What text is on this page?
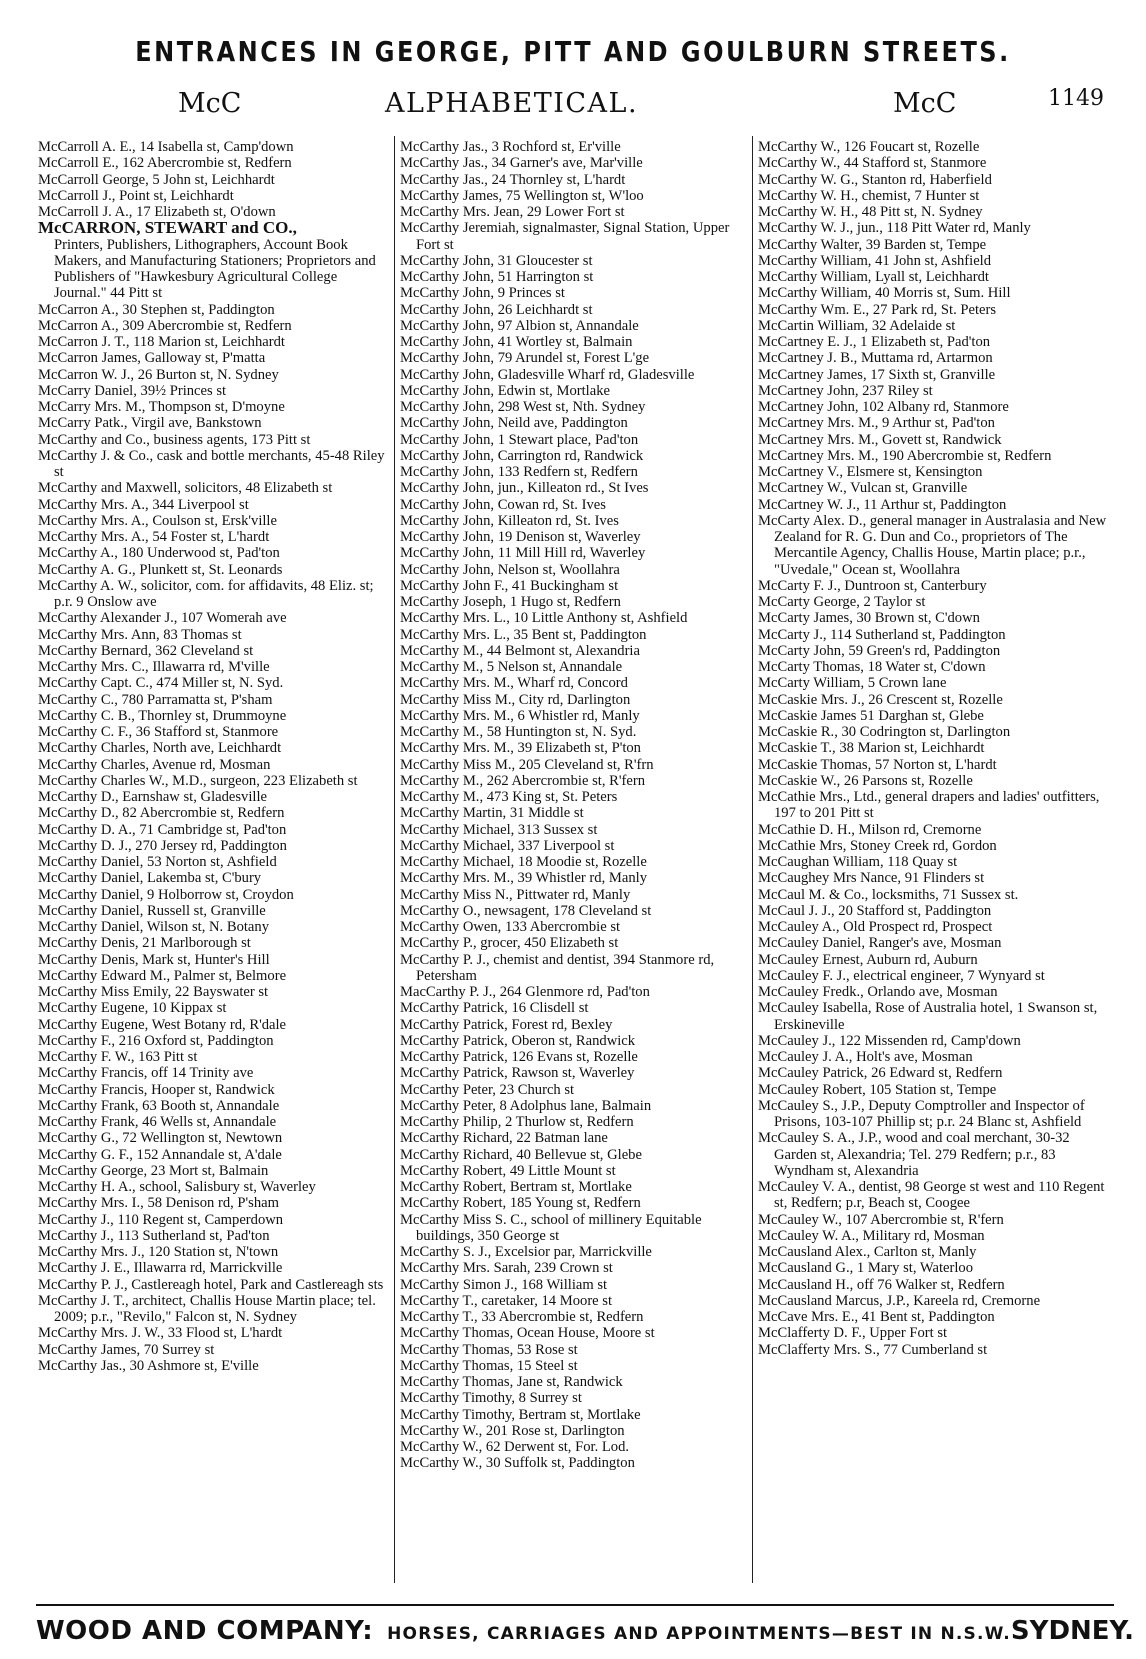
ENTRANCES IN GEORGE, PITT AND GOULBURN STREETS.
McC	ALPHABETICAL.	McC	1149
McCarroll A. E., 14 Isabella st, Camp'down
McCarroll E., 162 Abercrombie st, Redfern
McCarroll George, 5 John st, Leichhardt
McCarroll J., Point st, Leichhardt
McCarroll J. A., 17 Elizabeth st, O'down
McCARRON, STEWART and CO.,
Printers, Publishers, Lithographers, Account Book Makers, and Manufacturing Stationers; Proprietors and Publishers of "Hawkesbury Agricultural College Journal." 44 Pitt st
McCarron A., 30 Stephen st, Paddington
McCarron A., 309 Abercrombie st, Redfern
McCarron J. T., 118 Marion st, Leichhardt
McCarron James, Galloway st, P'matta
McCarron W. J., 26 Burton st, N. Sydney
McCarry Daniel, 39½ Princes st
McCarry Mrs. M., Thompson st, D'moyne
McCarry Patk., Virgil ave, Bankstown
McCarthy and Co., business agents, 173 Pitt st
McCarthy J. & Co., cask and bottle merchants, 45-48 Riley st
McCarthy and Maxwell, solicitors, 48 Elizabeth st
McCarthy Mrs. A., 344 Liverpool st
McCarthy Mrs. A., Coulson st, Ersk'ville
McCarthy Mrs. A., 54 Foster st, L'hardt
McCarthy A., 180 Underwood st, Pad'ton
McCarthy A. G., Plunkett st, St. Leonards
McCarthy A. W., solicitor, com. for affidavits, 48 Eliz. st; p.r. 9 Onslow ave
McCarthy Alexander J., 107 Womerah ave
McCarthy Mrs. Ann, 83 Thomas st
McCarthy Bernard, 362 Cleveland st
McCarthy Mrs. C., Illawarra rd, M'ville
McCarthy Capt. C., 474 Miller st, N. Syd.
McCarthy C., 780 Parramatta st, P'sham
McCarthy C. B., Thornley st, Drummoyne
McCarthy C. F., 36 Stafford st, Stanmore
McCarthy Charles, North ave, Leichhardt
McCarthy Charles, Avenue rd, Mosman
McCarthy Charles W., M.D., surgeon, 223 Elizabeth st
McCarthy D., Earnshaw st, Gladesville
McCarthy D., 82 Abercrombie st, Redfern
McCarthy D. A., 71 Cambridge st, Pad'ton
McCarthy D. J., 270 Jersey rd, Paddington
McCarthy Daniel, 53 Norton st, Ashfield
McCarthy Daniel, Lakemba st, C'bury
McCarthy Daniel, 9 Holborrow st, Croydon
McCarthy Daniel, Russell st, Granville
McCarthy Daniel, Wilson st, N. Botany
McCarthy Denis, 21 Marlborough st
McCarthy Denis, Mark st, Hunter's Hill
McCarthy Edward M., Palmer st, Belmore
McCarthy Miss Emily, 22 Bayswater st
McCarthy Eugene, 10 Kippax st
McCarthy Eugene, West Botany rd, R'dale
McCarthy F., 216 Oxford st, Paddington
McCarthy F. W., 163 Pitt st
McCarthy Francis, off 14 Trinity ave
McCarthy Francis, Hooper st, Randwick
McCarthy Frank, 63 Booth st, Annandale
McCarthy Frank, 46 Wells st, Annandale
McCarthy G., 72 Wellington st, Newtown
McCarthy G. F., 152 Annandale st, A'dale
McCarthy George, 23 Mort st, Balmain
McCarthy H. A., school, Salisbury st, Waverley
McCarthy Mrs. I., 58 Denison rd, P'sham
McCarthy J., 110 Regent st, Camperdown
McCarthy J., 113 Sutherland st, Pad'ton
McCarthy Mrs. J., 120 Station st, N'town
McCarthy J. E., Illawarra rd, Marrickville
McCarthy P. J., Castlereagh hotel, Park and Castlereagh sts
McCarthy J. T., architect, Challis House Martin place; tel. 2009; p.r., "Revilo," Falcon st, N. Sydney
McCarthy Mrs. J. W., 33 Flood st, L'hardt
McCarthy James, 70 Surrey st
McCarthy Jas., 30 Ashmore st, E'ville
McCarthy Jas., 3 Rochford st, Er'ville
McCarthy Jas., 34 Garner's ave, Mar'ville
McCarthy Jas., 24 Thornley st, L'hardt
McCarthy James, 75 Wellington st, W'loo
McCarthy Mrs. Jean, 29 Lower Fort st
McCarthy Jeremiah, signalmaster, Signal Station, Upper Fort st
McCarthy John, 31 Gloucester st
McCarthy John, 51 Harrington st
McCarthy John, 9 Princes st
McCarthy John, 26 Leichhardt st
McCarthy John, 97 Albion st, Annandale
McCarthy John, 41 Wortley st, Balmain
McCarthy John, 79 Arundel st, Forest L'ge
McCarthy John, Gladesville Wharf rd, Gladesville
McCarthy John, Edwin st, Mortlake
McCarthy John, 298 West st, Nth. Sydney
McCarthy John, Neild ave, Paddington
McCarthy John, 1 Stewart place, Pad'ton
McCarthy John, Carrington rd, Randwick
McCarthy John, 133 Redfern st, Redfern
McCarthy John, jun., Killeaton rd., St Ives
McCarthy John, Cowan rd, St. Ives
McCarthy John, Killeaton rd, St. Ives
McCarthy John, 19 Denison st, Waverley
McCarthy John, 11 Mill Hill rd, Waverley
McCarthy John, Nelson st, Woollahra
McCarthy John F., 41 Buckingham st
McCarthy Joseph, 1 Hugo st, Redfern
McCarthy Mrs. L., 10 Little Anthony st, Ashfield
McCarthy Mrs. L., 35 Bent st, Paddington
McCarthy M., 44 Belmont st, Alexandria
McCarthy M., 5 Nelson st, Annandale
McCarthy Mrs. M., Wharf rd, Concord
McCarthy Miss M., City rd, Darlington
McCarthy Mrs. M., 6 Whistler rd, Manly
McCarthy M., 58 Huntington st, N. Syd.
McCarthy Mrs. M., 39 Elizabeth st, P'ton
McCarthy Miss M., 205 Cleveland st, R'frn
McCarthy M., 262 Abercrombie st, R'fern
McCarthy M., 473 King st, St. Peters
McCarthy Martin, 31 Middle st
McCarthy Michael, 313 Sussex st
McCarthy Michael, 337 Liverpool st
McCarthy Michael, 18 Moodie st, Rozelle
McCarthy Mrs. M., 39 Whistler rd, Manly
McCarthy Miss N., Pittwater rd, Manly
McCarthy O., newsagent, 178 Cleveland st
McCarthy Owen, 133 Abercrombie st
McCarthy P., grocer, 450 Elizabeth st
McCarthy P. J., chemist and dentist, 394 Stanmore rd, Petersham
MacCarthy P. J., 264 Glenmore rd, Pad'ton
McCarthy Patrick, 16 Clisdell st
McCarthy Patrick, Forest rd, Bexley
McCarthy Patrick, Oberon st, Randwick
McCarthy Patrick, 126 Evans st, Rozelle
McCarthy Patrick, Rawson st, Waverley
McCarthy Peter, 23 Church st
McCarthy Peter, 8 Adolphus lane, Balmain
McCarthy Philip, 2 Thurlow st, Redfern
McCarthy Richard, 22 Batman lane
McCarthy Richard, 40 Bellevue st, Glebe
McCarthy Robert, 49 Little Mount st
McCarthy Robert, Bertram st, Mortlake
McCarthy Robert, 185 Young st, Redfern
McCarthy Miss S. C., school of millinery Equitable buildings, 350 George st
McCarthy S. J., Excelsior par, Marrickville
McCarthy Mrs. Sarah, 239 Crown st
McCarthy Simon J., 168 William st
McCarthy T., caretaker, 14 Moore st
McCarthy T., 33 Abercrombie st, Redfern
McCarthy Thomas, Ocean House, Moore st
McCarthy Thomas, 53 Rose st
McCarthy Thomas, 15 Steel st
McCarthy Thomas, Jane st, Randwick
McCarthy Timothy, 8 Surrey st
McCarthy Timothy, Bertram st, Mortlake
McCarthy W., 201 Rose st, Darlington
McCarthy W., 62 Derwent st, For. Lod.
McCarthy W., 30 Suffolk st, Paddington
McCarthy W., 126 Foucart st, Rozelle
McCarthy W., 44 Stafford st, Stanmore
McCarthy W. G., Stanton rd, Haberfield
McCarthy W. H., chemist, 7 Hunter st
McCarthy W. H., 48 Pitt st, N. Sydney
McCarthy W. J., jun., 118 Pitt Water rd, Manly
McCarthy Walter, 39 Barden st, Tempe
McCarthy William, 41 John st, Ashfield
McCarthy William, Lyall st, Leichhardt
McCarthy William, 40 Morris st, Sum. Hill
McCarthy Wm. E., 27 Park rd, St. Peters
McCartin William, 32 Adelaide st
McCartney E. J., 1 Elizabeth st, Pad'ton
McCartney J. B., Muttama rd, Artarmon
McCartney James, 17 Sixth st, Granville
McCartney John, 237 Riley st
McCartney John, 102 Albany rd, Stanmore
McCartney Mrs. M., 9 Arthur st, Pad'ton
McCartney Mrs. M., Govett st, Randwick
McCartney Mrs. M., 190 Abercrombie st, Redfern
McCartney V., Elsmere st, Kensington
McCartney W., Vulcan st, Granville
McCartney W. J., 11 Arthur st, Paddington
McCarty Alex. D., general manager in Australasia and New Zealand for R. G. Dun and Co., proprietors of The Mercantile Agency, Challis House, Martin place; p.r., "Uvedale," Ocean st, Woollahra
McCarty F. J., Duntroon st, Canterbury
McCarty George, 2 Taylor st
McCarty James, 30 Brown st, C'down
McCarty J., 114 Sutherland st, Paddington
McCarty John, 59 Green's rd, Paddington
McCarty Thomas, 18 Water st, C'down
McCarty William, 5 Crown lane
McCaskie Mrs. J., 26 Crescent st, Rozelle
McCaskie James 51 Darghan st, Glebe
McCaskie R., 30 Codrington st, Darlington
McCaskie T., 38 Marion st, Leichhardt
McCaskie Thomas, 57 Norton st, L'hardt
McCaskie W., 26 Parsons st, Rozelle
McCathie Mrs., Ltd., general drapers and ladies' outfitters, 197 to 201 Pitt st
McCathie D. H., Milson rd, Cremorne
McCathie Mrs, Stoney Creek rd, Gordon
McCaughan William, 118 Quay st
McCaughey Mrs Nance, 91 Flinders st
McCaul M. & Co., locksmiths, 71 Sussex st.
McCaul J. J., 20 Stafford st, Paddington
McCauley A., Old Prospect rd, Prospect
McCauley Daniel, Ranger's ave, Mosman
McCauley Ernest, Auburn rd, Auburn
McCauley F. J., electrical engineer, 7 Wynyard st
McCauley Fredk., Orlando ave, Mosman
McCauley Isabella, Rose of Australia hotel, 1 Swanson st, Erskineville
McCauley J., 122 Missenden rd, Camp'down
McCauley J. A., Holt's ave, Mosman
McCauley Patrick, 26 Edward st, Redfern
McCauley Robert, 105 Station st, Tempe
McCauley S., J.P., Deputy Comptroller and Inspector of Prisons, 103-107 Phillip st; p.r. 24 Blanc st, Ashfield
McCauley S. A., J.P., wood and coal merchant, 30-32 Garden st, Alexandria; Tel. 279 Redfern; p.r., 83 Wyndham st, Alexandria
McCauley V. A., dentist, 98 George st west and 110 Regent st, Redfern; p.r, Beach st, Coogee
McCauley W., 107 Abercrombie st, R'fern
McCauley W. A., Military rd, Mosman
McCausland Alex., Carlton st, Manly
McCausland G., 1 Mary st, Waterloo
McCausland H., off 76 Walker st, Redfern
McCausland Marcus, J.P., Kareela rd, Cremorne
McCave Mrs. E., 41 Bent st, Paddington
McClafferty D. F., Upper Fort st
McClafferty Mrs. S., 77 Cumberland st
WOOD AND COMPANY: HORSES, CARRIAGES AND APPOINTMENTS—BEST IN N.S.W. SYDNEY.
